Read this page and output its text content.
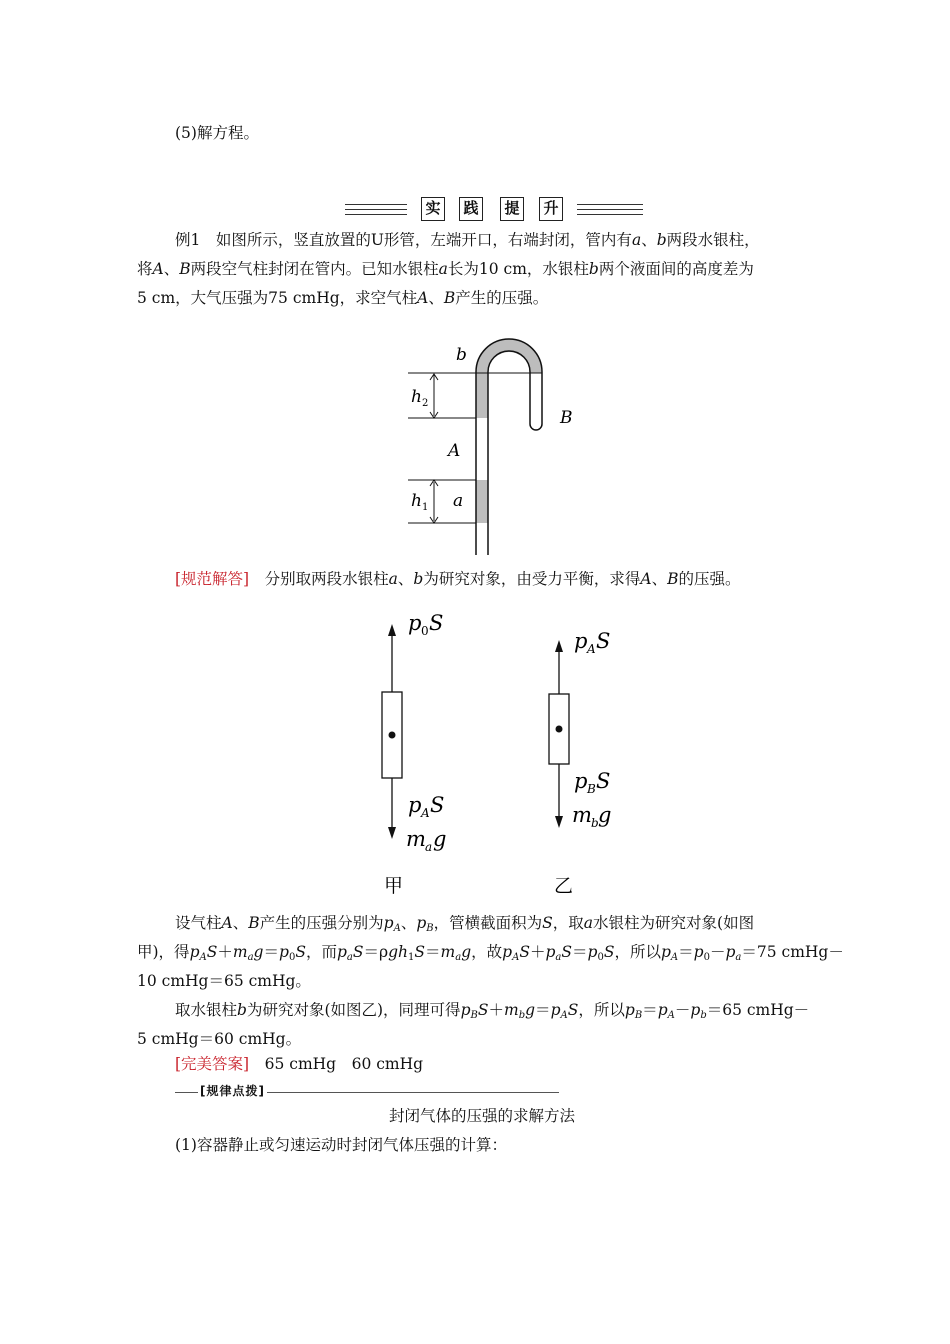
(5)解方程。
实	践	提	升
例1　如图所示，竖直放置的U形管，左端开口，右端封闭，管内有a、b两段水银柱，
将A、B两段空气柱封闭在管内。已知水银柱a长为10 cm，水银柱b两个液面间的高度差为
5 cm，大气压强为75 cmHg，求空气柱A、B产生的压强。
b
h 2
B
A
h 1 a
[规范解答]　 分别取两段水银柱a、b为研究对象，由受力平衡，求得A、B的压强。
p 0 S
p A S
m a g
p A S
p B S
m b g
甲	乙
设气柱A、B产生的压强分别为$p_A$、$p_B$，管横截面积为S，取a水银柱为研究对象(如图
甲)，得$p_AS+m_ag=p_0S$，而$p_aS=\rho gh_1S=m_ag$，故$p_AS+p_aS=p_0S$，所以$p_A=p_0-p_a=75$ cmHg－
10 cmHg＝65 cmHg。
取水银柱b为研究对象(如图乙)，同理可得$p_BS+m_bg=p_AS$，所以$p_B=p_A-p_b=65$ cmHg－
5 cmHg＝60 cmHg。
[完美答案]　 65 cmHg　60 cmHg
[规律点拨]
封闭气体的压强的求解方法
(1)容器静止或匀速运动时封闭气体压强的计算：
